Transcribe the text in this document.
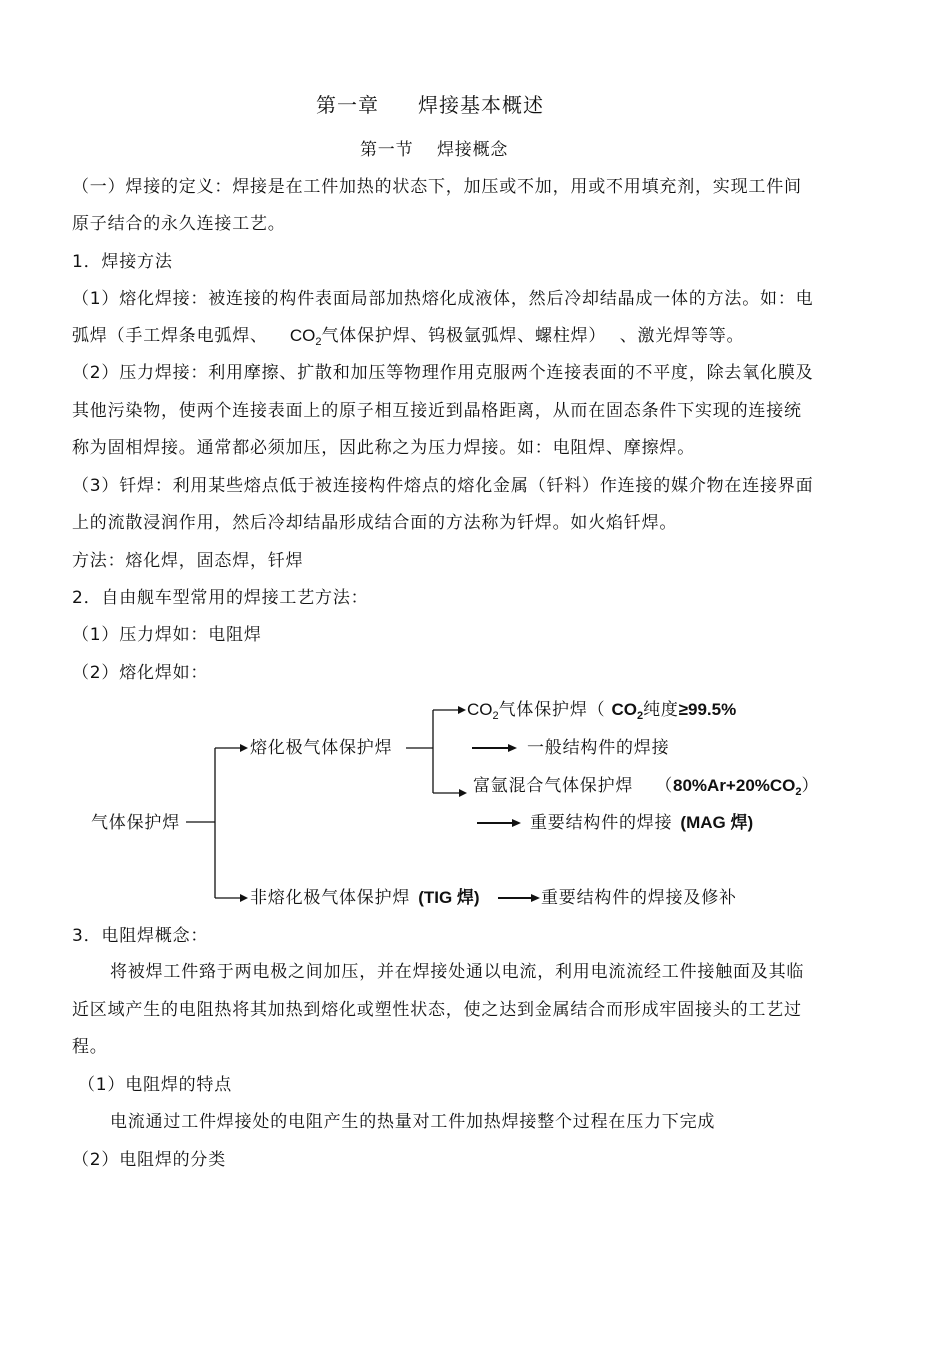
第一章 焊接基本概述
第一节 焊接概念
（一）焊接的定义：焊接是在工件加热的状态下，加压或不加，用或不用填充剂，实现工件间
原子结合的永久连接工艺。
1．焊接方法
（1）熔化焊接：被连接的构件表面局部加热熔化成液体，然后冷却结晶成一体的方法。如：电
弧焊（手工焊条电弧焊、 $CO_2$气体保护焊、钨极氩弧焊、螺柱焊） 、激光焊等等。
（2）压力焊接：利用摩擦、扩散和加压等物理作用克服两个连接表面的不平度，除去氧化膜及
其他污染物，使两个连接表面上的原子相互接近到晶格距离，从而在固态条件下实现的连接统
称为固相焊接。通常都必须加压，因此称之为压力焊接。如：电阻焊、摩擦焊。
（3）钎焊：利用某些熔点低于被连接构件熔点的熔化金属（钎料）作连接的媒介物在连接界面
上的流散浸润作用，然后冷却结晶形成结合面的方法称为钎焊。如火焰钎焊。
方法：熔化焊，固态焊，钎焊
2．自由舰车型常用的焊接工艺方法：
（1）压力焊如：电阻焊
（2）熔化焊如：
气体保护焊
熔化极气体保护焊
$CO_2$气体保护焊（ $CO_2$纯度≥99.5%
一般结构件的焊接
富氩混合气体保护焊 $(80\%Ar+20\%CO_2)$
重要结构件的焊接 (MAG 焊)
非熔化极气体保护焊 (TIG 焊)	重要结构件的焊接及修补
3．电阻焊概念：
将被焊工件臵于两电极之间加压，并在焊接处通以电流，利用电流流经工件接触面及其临
近区域产生的电阻热将其加热到熔化或塑性状态，使之达到金属结合而形成牢固接头的工艺过
程。
（1）电阻焊的特点
电流通过工件焊接处的电阻产生的热量对工件加热焊接整个过程在压力下完成
（2）电阻焊的分类
